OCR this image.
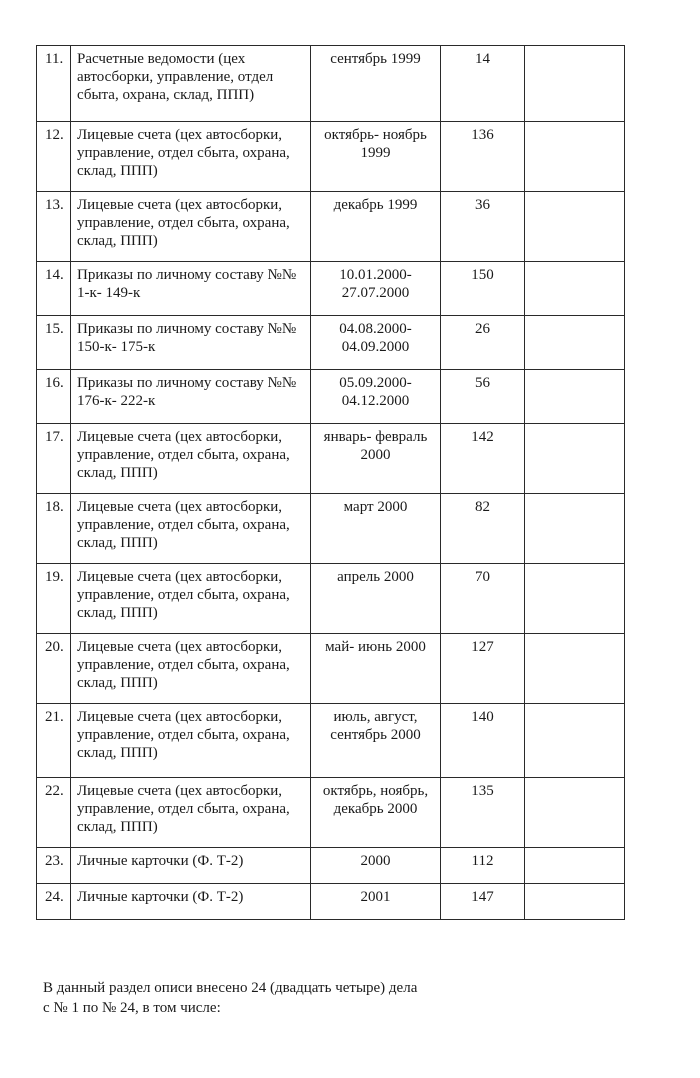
11.	Расчетные ведомости (цех автосборки, управление, отдел сбыта, охрана, склад, ППП)	сентябрь 1999	14	
12.	Лицевые счета (цех автосборки, управление, отдел сбыта, охрана, склад, ППП)	октябрь- ноябрь 1999	136	
13.	Лицевые счета (цех автосборки, управление, отдел сбыта, охрана, склад, ППП)	декабрь 1999	36	
14.	Приказы по личному составу №№ 1-к- 149-к	10.01.2000- 27.07.2000	150	
15.	Приказы по личному составу №№ 150-к- 175-к	04.08.2000- 04.09.2000	26	
16.	Приказы по личному составу №№ 176-к- 222-к	05.09.2000- 04.12.2000	56	
17.	Лицевые счета (цех автосборки, управление, отдел сбыта, охрана, склад, ППП)	январь- февраль 2000	142	
18.	Лицевые счета (цех автосборки, управление, отдел сбыта, охрана, склад, ППП)	март 2000	82	
19.	Лицевые счета (цех автосборки, управление, отдел сбыта, охрана, склад, ППП)	апрель 2000	70	
20.	Лицевые счета (цех автосборки, управление, отдел сбыта, охрана, склад, ППП)	май- июнь 2000	127	
21.	Лицевые счета (цех автосборки, управление, отдел сбыта, охрана, склад, ППП)	июль, август, сентябрь 2000	140	
22.	Лицевые счета (цех автосборки, управление, отдел сбыта, охрана, склад, ППП)	октябрь, ноябрь, декабрь 2000	135	
23.	Личные карточки (Ф. Т-2)	2000	112	
24.	Личные карточки (Ф. Т-2)	2001	147	
В данный раздел описи внесено 24 (двадцать четыре) дела
с № 1 по № 24, в том числе:
